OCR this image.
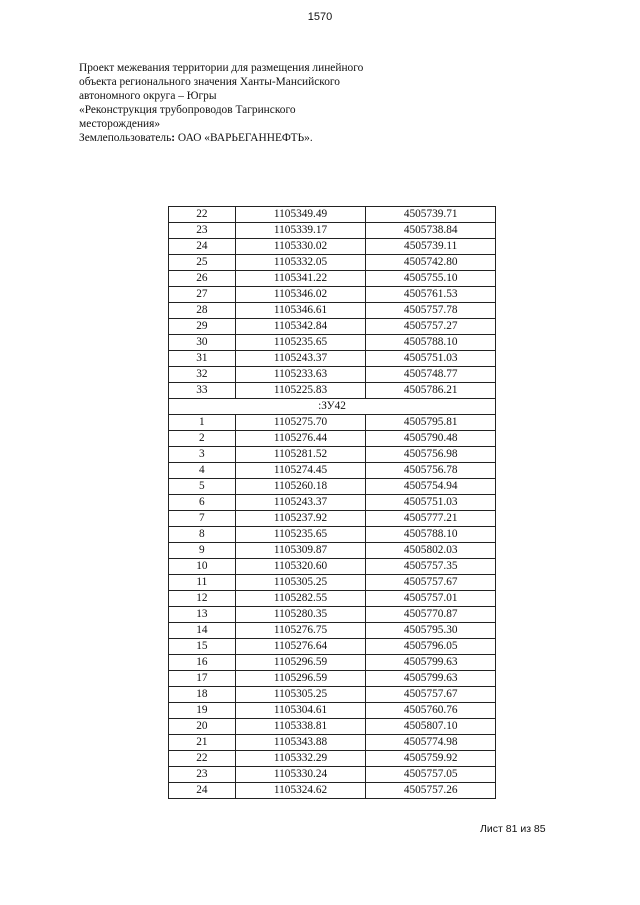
1570
Проект межевания территории для размещения линейного
объекта регионального значения Ханты-Мансийского
автономного округа – Югры
«Реконструкция трубопроводов Тагринского
месторождения»
Землепользователь: ОАО «ВАРЬЕГАННЕФТЬ».
22	1105349.49	4505739.71
23	1105339.17	4505738.84
24	1105330.02	4505739.11
25	1105332.05	4505742.80
26	1105341.22	4505755.10
27	1105346.02	4505761.53
28	1105346.61	4505757.78
29	1105342.84	4505757.27
30	1105235.65	4505788.10
31	1105243.37	4505751.03
32	1105233.63	4505748.77
33	1105225.83	4505786.21
:ЗУ42		
1	1105275.70	4505795.81
2	1105276.44	4505790.48
3	1105281.52	4505756.98
4	1105274.45	4505756.78
5	1105260.18	4505754.94
6	1105243.37	4505751.03
7	1105237.92	4505777.21
8	1105235.65	4505788.10
9	1105309.87	4505802.03
10	1105320.60	4505757.35
11	1105305.25	4505757.67
12	1105282.55	4505757.01
13	1105280.35	4505770.87
14	1105276.75	4505795.30
15	1105276.64	4505796.05
16	1105296.59	4505799.63
17	1105296.59	4505799.63
18	1105305.25	4505757.67
19	1105304.61	4505760.76
20	1105338.81	4505807.10
21	1105343.88	4505774.98
22	1105332.29	4505759.92
23	1105330.24	4505757.05
24	1105324.62	4505757.26
Лист 81 из 85
